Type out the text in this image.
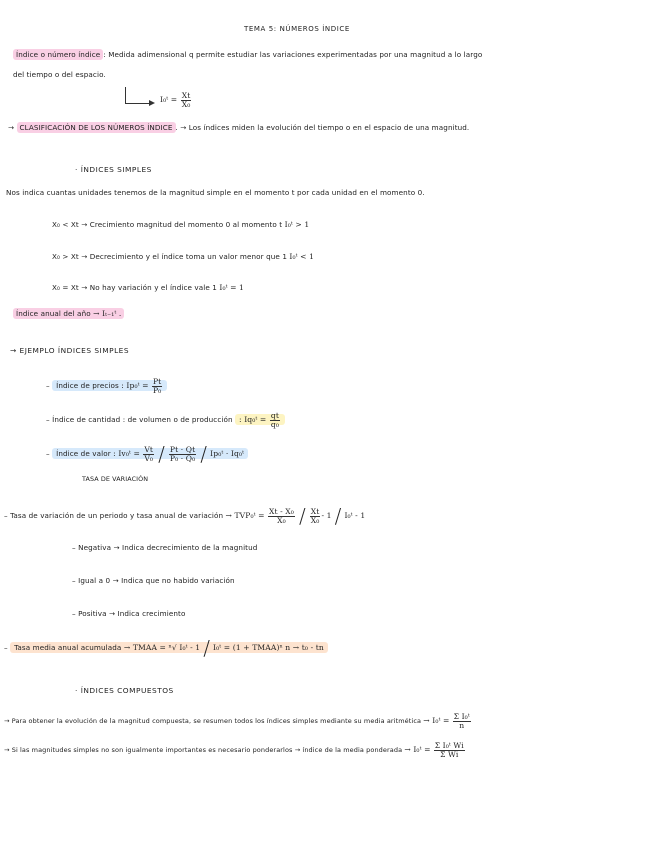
TEMA 5: NÚMEROS ÍNDICE
Índice o número índice : Medida adimensional q permite estudiar las variaciones experimentadas por una magnitud a lo largo
del tiempo o del espacio.
I₀ᵗ = $\frac{Xt}{\text{X₀}}$
→ CLASIFICACIÓN DE LOS NÚMEROS ÍNDICE . → Los índices miden la evolución del tiempo o en el espacio de una magnitud.
· ÍNDICES SIMPLES
Nos indica cuantas unidades tenemos de la magnitud simple en el momento t por cada unidad en el momento 0.
X₀ < Xt → Crecimiento magnitud del momento 0 al momento t I₀ᵗ > 1
X₀ > Xt → Decrecimiento y el índice toma un valor menor que 1 I₀ᵗ < 1
X₀ = Xt → No hay variación y el índice vale 1 I₀ᵗ = 1
Índice anual del año → Iₜ₋₁ᵗ .
→ EJEMPLO ÍNDICES SIMPLES
– Índice de precios : Ip₀ᵗ = $\frac{Pt}{\text{P₀}}$
– Índice de cantidad : de volumen o de producción : Iq₀ᵗ = $\frac{qt}{\text{q₀}}$
– Índice de valor : Iv₀ᵗ = $\frac{Vt}{\text{V₀}} / \frac{Pt \cdot Qt}{\text{P₀ · Q₀}}$ / Ip₀ᵗ · Iq₀ᵗ
TASA DE VARIACIÓN
– Tasa de variación de un periodo y tasa anual de variación → TVP₀ᵗ = $\frac{\text{Xt - X₀}}{\text{X₀}} / \frac{Xt}{\text{X₀}} - 1$ / I₀ᵗ - 1
– Negativa → Indica decrecimiento de la magnitud
– Igual a 0 → Indica que no habido variación
– Positiva → Indica crecimiento
– Tasa media anual acumulada → TMAA = ⁿ√ I₀ᵗ - 1 / I₀ᵗ = (1 + TMAA)ⁿ n → t₀ - tn
· ÍNDICES COMPUESTOS
→ Para obtener la evolución de la magnitud compuesta, se resumen todos los índices simples mediante su media aritmética → I₀ᵗ = $\frac{\text{Σ I₀ᵗ}}{n}$
→ Si las magnitudes simples no son igualmente importantes es necesario ponderarlos → índice de la media ponderada → I₀ᵗ = $\frac{\text{Σ I₀ᵗ Wi}}{\text{Σ Wi}}$
